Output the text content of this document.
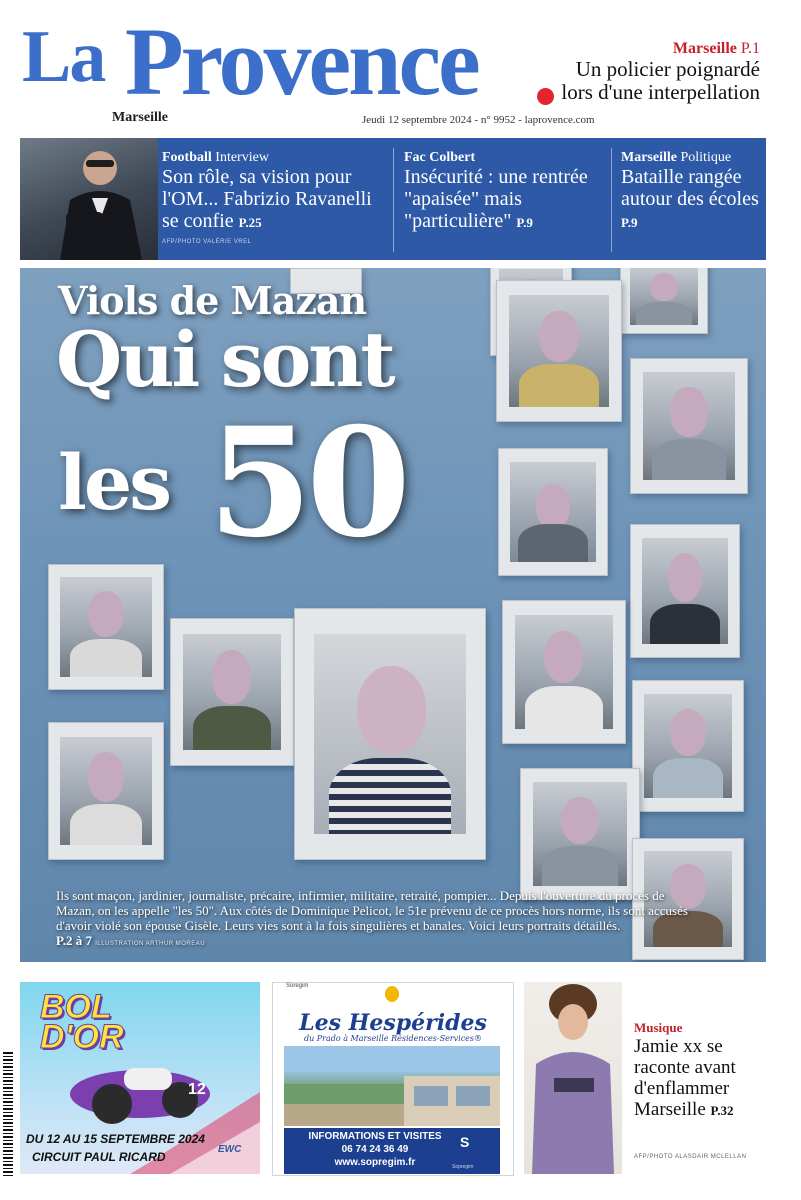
La Provence
Marseille	Jeudi 12 septembre 2024 - n° 9952 - laprovence.com
Marseille P.1
Un policier poignardé lors d'une interpellation
AFP/PHOTO VALÉRIE VREL
Football Interview
Son rôle, sa vision pour l'OM... Fabrizio Ravanelli se confie P.25
Fac Colbert
Insécurité : une rentrée "apaisée" mais "particulière" P.9
Marseille Politique
Bataille rangée autour des écoles P.9
Viols de Mazan
Qui sont
les 50
Ils sont maçon, jardinier, journaliste, précaire, infirmier, militaire, retraité, pompier... Depuis l'ouverture du procès de Mazan, on les appelle "les 50". Aux côtés de Dominique Pelicot, le 51e prévenu de ce procès hors norme, ils sont accusés d'avoir violé son épouse Gisèle. Leurs vies sont à la fois singulières et banales. Voici leurs portraits détaillés.
P.2 à 7 ILLUSTRATION ARTHUR MOREAU
12
BOL
D'OR
DU 12 AU 15 SEPTEMBRE 2024
CIRCUIT PAUL RICARD
EWC
Soregim
Les Hespérides
du Prado à Marseille Résidences-Services®
INFORMATIONS ET VISITES
06 74 24 36 49
www.sopregim.fr
S
Sopregim
Musique
Jamie xx se raconte avant d'enflammer Marseille P.32
AFP/PHOTO ALASDAIR MCLELLAN
